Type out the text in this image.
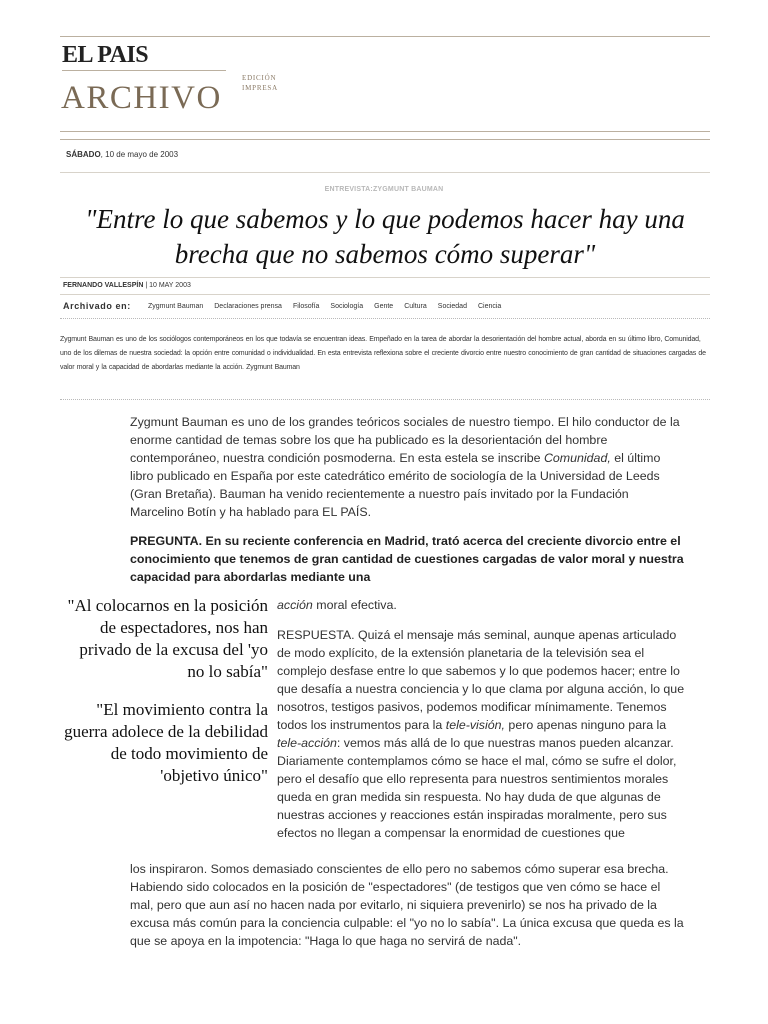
EL PAIS
ARCHIVO
EDICIÓN
IMPRESA
SÁBADO, 10 de mayo de 2003
ENTREVISTA:ZYGMUNT BAUMAN
"Entre lo que sabemos y lo que podemos hacer hay una brecha que no sabemos cómo superar"
FERNANDO VALLESPÍN | 10 MAY 2003
Archivado en: Zygmunt Bauman Declaraciones prensa Filosofía Sociología Gente Cultura Sociedad Ciencia
Zygmunt Bauman es uno de los sociólogos contemporáneos en los que todavía se encuentran ideas. Empeñado en la tarea de abordar la desorientación del hombre actual, aborda en su último libro, Comunidad, uno de los dilemas de nuestra sociedad: la opción entre comunidad o individualidad. En esta entrevista reflexiona sobre el creciente divorcio entre nuestro conocimiento de gran cantidad de situaciones cargadas de valor moral y la capacidad de abordarlas mediante la acción. Zygmunt Bauman
Zygmunt Bauman es uno de los grandes teóricos sociales de nuestro tiempo. El hilo conductor de la enorme cantidad de temas sobre los que ha publicado es la desorientación del hombre contemporáneo, nuestra condición posmoderna. En esta estela se inscribe Comunidad, el último libro publicado en España por este catedrático emérito de sociología de la Universidad de Leeds (Gran Bretaña). Bauman ha venido recientemente a nuestro país invitado por la Fundación Marcelino Botín y ha hablado para EL PAÍS.
PREGUNTA. En su reciente conferencia en Madrid, trató acerca del creciente divorcio entre el conocimiento que tenemos de gran cantidad de cuestiones cargadas de valor moral y nuestra capacidad para abordarlas mediante una

"Al colocarnos en la posición de espectadores, nos han privado de la excusa del 'yo no lo sabía"

"El movimiento contra la guerra adolece de la debilidad de todo movimiento de 'objetivo único"

acción moral efectiva.

RESPUESTA. Quizá el mensaje más seminal, aunque apenas articulado de modo explícito, de la extensión planetaria de la televisión sea el complejo desfase entre lo que sabemos y lo que podemos hacer; entre lo que desafía a nuestra conciencia y lo que clama por alguna acción, lo que nosotros, testigos pasivos, podemos modificar mínimamente. Tenemos todos los instrumentos para la tele-visión, pero apenas ninguno para la tele-acción: vemos más allá de lo que nuestras manos pueden alcanzar. Diariamente contemplamos cómo se hace el mal, cómo se sufre el dolor, pero el desafío que ello representa para nuestros sentimientos morales queda en gran medida sin respuesta. No hay duda de que algunas de nuestras acciones y reacciones están inspiradas moralmente, pero sus efectos no llegan a compensar la enormidad de cuestiones que

los inspiraron. Somos demasiado conscientes de ello pero no sabemos cómo superar esa brecha. Habiendo sido colocados en la posición de "espectadores" (de testigos que ven cómo se hace el mal, pero que aun así no hacen nada por evitarlo, ni siquiera prevenirlo) se nos ha privado de la excusa más común para la conciencia culpable: el "yo no lo sabía". La única excusa que queda es la que se apoya en la impotencia: "Haga lo que haga no servirá de nada".
